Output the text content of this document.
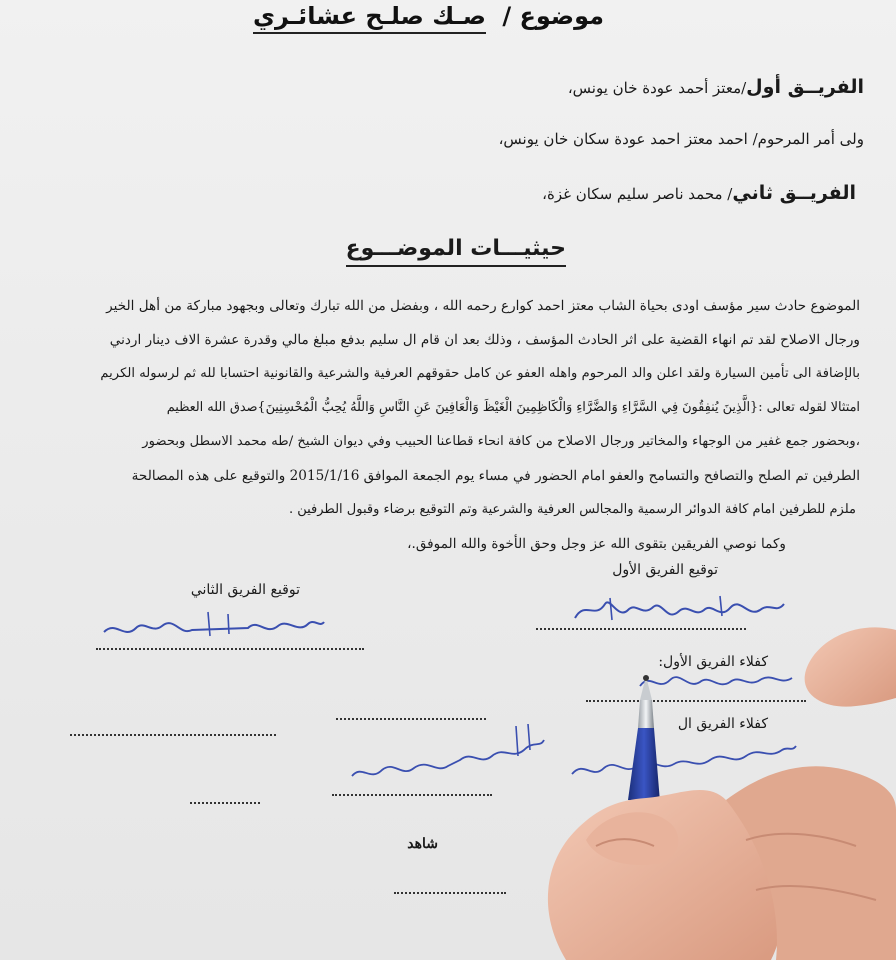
موضوع / صـك صلـح عشائـري
الفريــق أول/معتز أحمد عودة خان يونس،
ولى أمر المرحوم/ احمد معتز احمد عودة سكان خان يونس،
الفريــق ثاني/ محمد ناصر سليم سكان غزة،
حيثيـــات الموضـــوع
الموضوع حادث سير مؤسف اودى بحياة الشاب معتز احمد كوارع رحمه الله ، وبفضل من الله تبارك وتعالى وبجهود مباركة من أهل الخير
ورجال الاصلاح لقد تم انهاء القضية على اثر الحادث المؤسف ، وذلك بعد ان قام ال سليم بدفع مبلغ مالي وقدرة عشرة الاف دينار اردني
بالإضافة الى تأمين السيارة ولقد اعلن والد المرحوم واهله العفو عن كامل حقوقهم العرفية والشرعية والقانونية احتسابا لله ثم لرسوله الكريم
امتثالا لقوله تعالى :{الَّذِينَ يُنفِقُونَ فِي السَّرَّاءِ وَالضَّرَّاءِ وَالْكَاظِمِينَ الْغَيْظَ وَالْعَافِينَ عَنِ النَّاسِ وَاللَّهُ يُحِبُّ الْمُحْسِنِينَ}صدق الله العظيم
،وبحضور جمع غفير من الوجهاء والمخاتير ورجال الاصلاح من كافة انحاء قطاعنا الحبيب وفي ديوان الشيخ /طه محمد الاسطل وبحضور
الطرفين تم الصلح والتصافح والتسامح والعفو امام الحضور في مساء يوم الجمعة الموافق 2015/1/16 والتوقيع على هذه المصالحة
ملزم للطرفين امام كافة الدوائر الرسمية والمجالس العرفية والشرعية وتم التوقيع برضاء وقبول الطرفين .
وكما نوصي الفريقين بتقوى الله عز وجل وحق الأخوة والله الموفق.،
توقيع الفريق الأول
توقيع الفريق الثاني
كفلاء الفريق الأول:
كفلاء الفريق ال
شاهد
